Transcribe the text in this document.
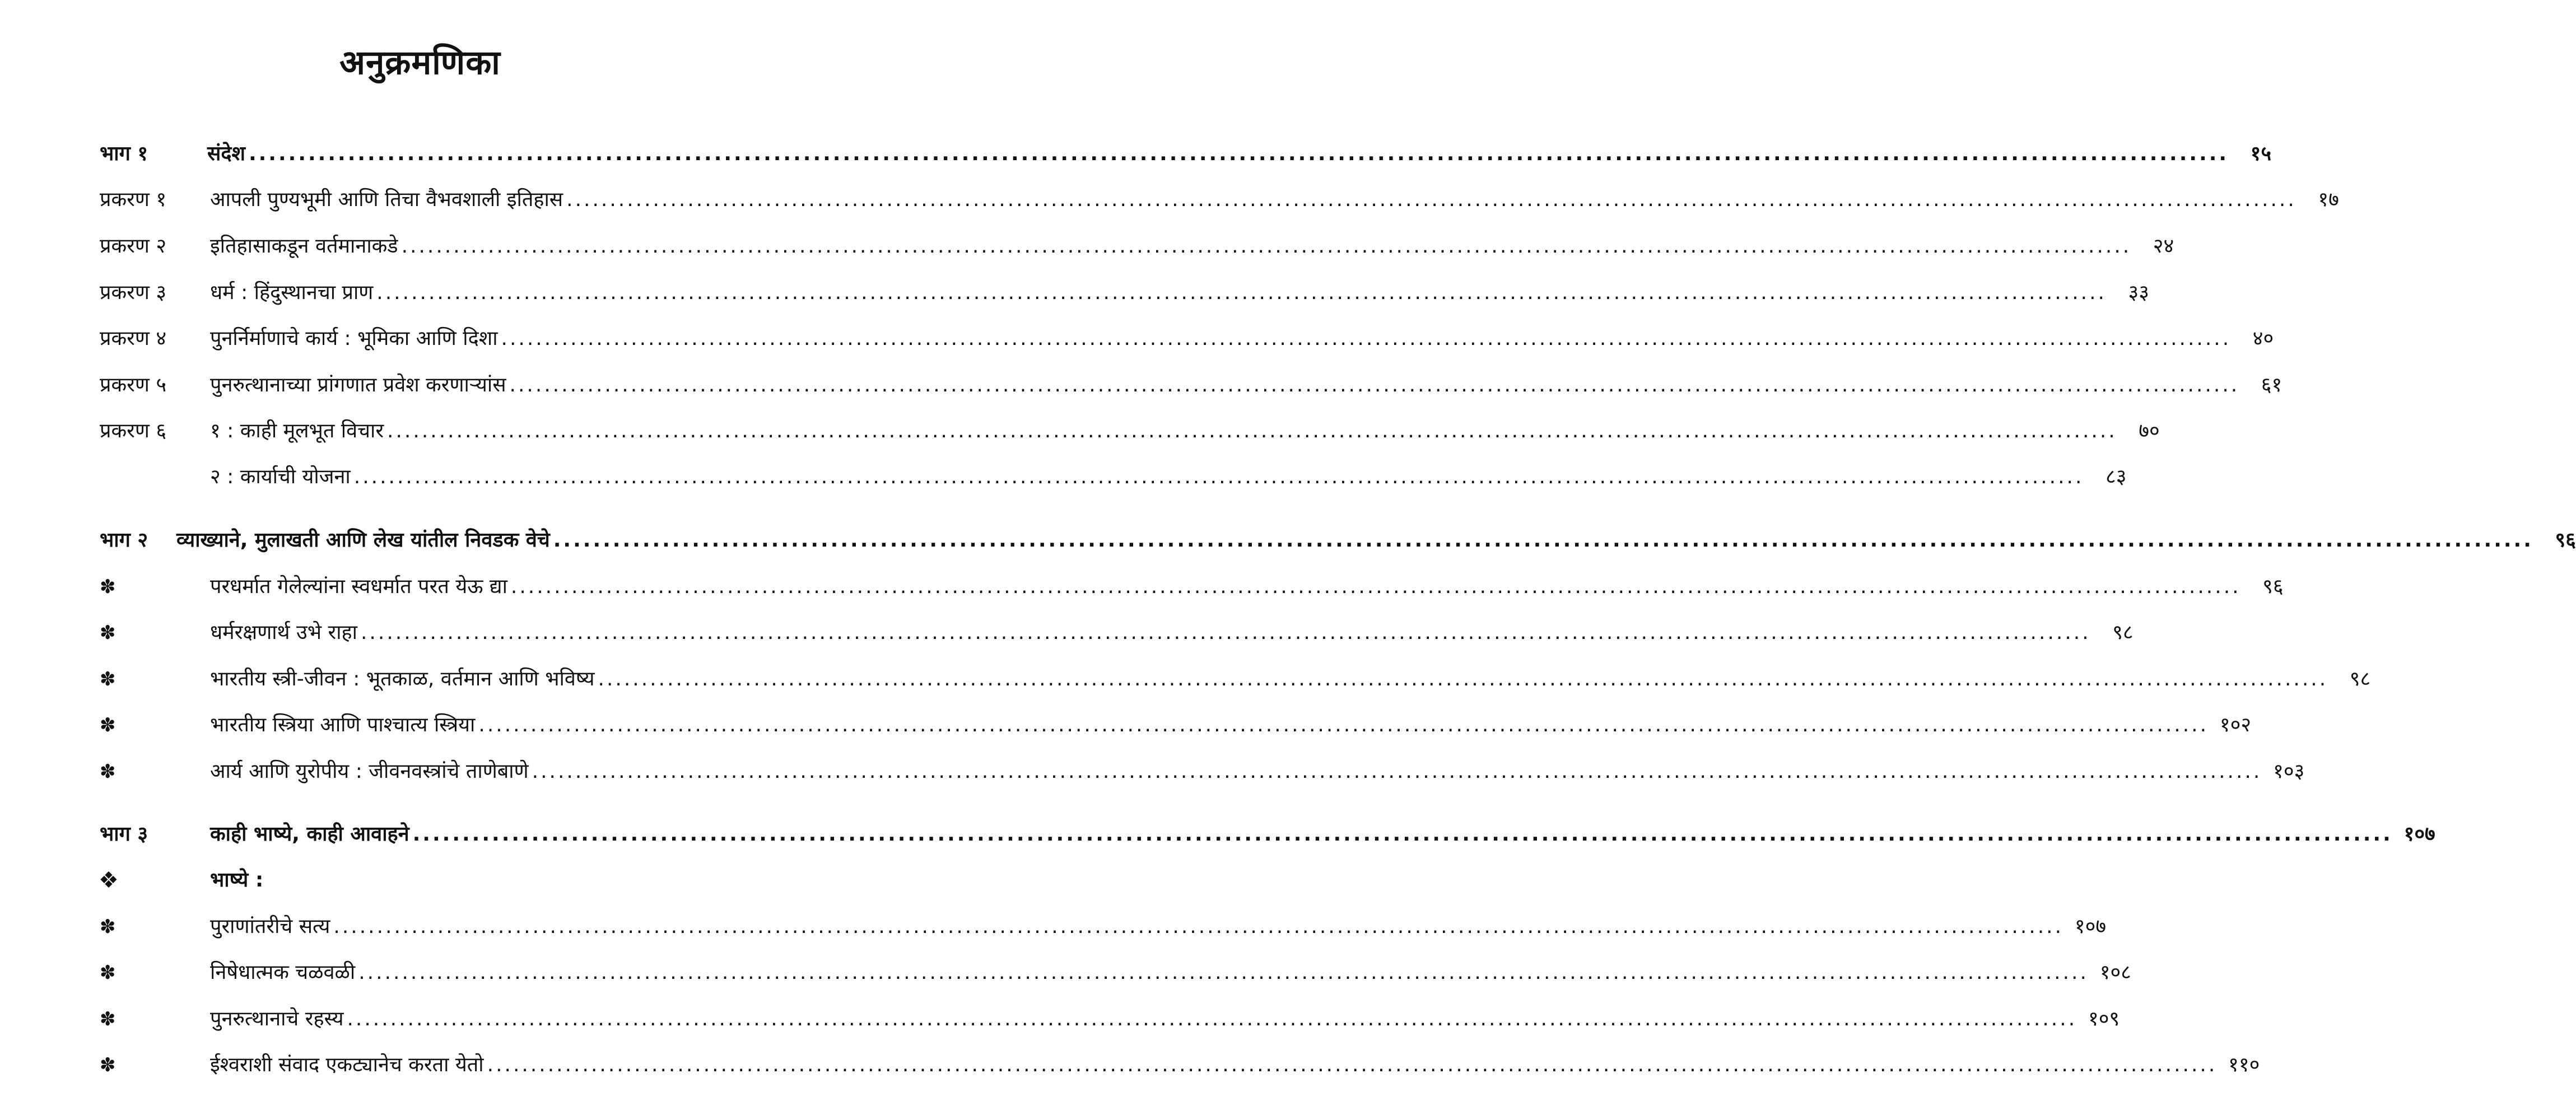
अनुक्रमणिका
भाग १	संदेश ........................................................................................................................................................................................................	१५
प्रकरण १ आपली पुण्यभूमी आणि तिचा वैभवशाली इतिहास ........................................................................................................................................................................................................	१७
प्रकरण २ इतिहासाकडून वर्तमानाकडे ........................................................................................................................................................................................................	२४
प्रकरण ३ धर्म : हिंदुस्थानचा प्राण ........................................................................................................................................................................................................	३३
प्रकरण ४ पुनर्निर्माणाचे कार्य : भूमिका आणि दिशा ........................................................................................................................................................................................................	४०
प्रकरण ५ पुनरुत्थानाच्या प्रांगणात प्रवेश करणाऱ्यांस ........................................................................................................................................................................................................	६१
प्रकरण ६ १ : काही मूलभूत विचार ........................................................................................................................................................................................................	७०
२ : कार्याची योजना ........................................................................................................................................................................................................	८३
भाग २ व्याख्याने, मुलाखती आणि लेख यांतील निवडक वेचे ........................................................................................................................................................................................................	९६
✽	परधर्मात गेलेल्यांना स्वधर्मात परत येऊ द्या ........................................................................................................................................................................................................	९६
✽	धर्मरक्षणार्थ उभे राहा ........................................................................................................................................................................................................	९८
✽	भारतीय स्त्री-जीवन : भूतकाळ, वर्तमान आणि भविष्य ........................................................................................................................................................................................................	९८
✽	भारतीय स्त्रिया आणि पाश्चात्य स्त्रिया ........................................................................................................................................................................................................ १०२
✽	आर्य आणि युरोपीय : जीवनवस्त्रांचे ताणेबाणे ........................................................................................................................................................................................................ १०३
भाग ३	काही भाष्ये, काही आवाहने ........................................................................................................................................................................................................ १०७
❖	भाष्ये :
✽	पुराणांतरीचे सत्य ........................................................................................................................................................................................................ १०७
✽	निषेधात्मक चळवळी ........................................................................................................................................................................................................ १०८
✽	पुनरुत्थानाचे रहस्य ........................................................................................................................................................................................................ १०९
✽	ईश्वराशी संवाद एकट्यानेच करता येतो ........................................................................................................................................................................................................ ११०
